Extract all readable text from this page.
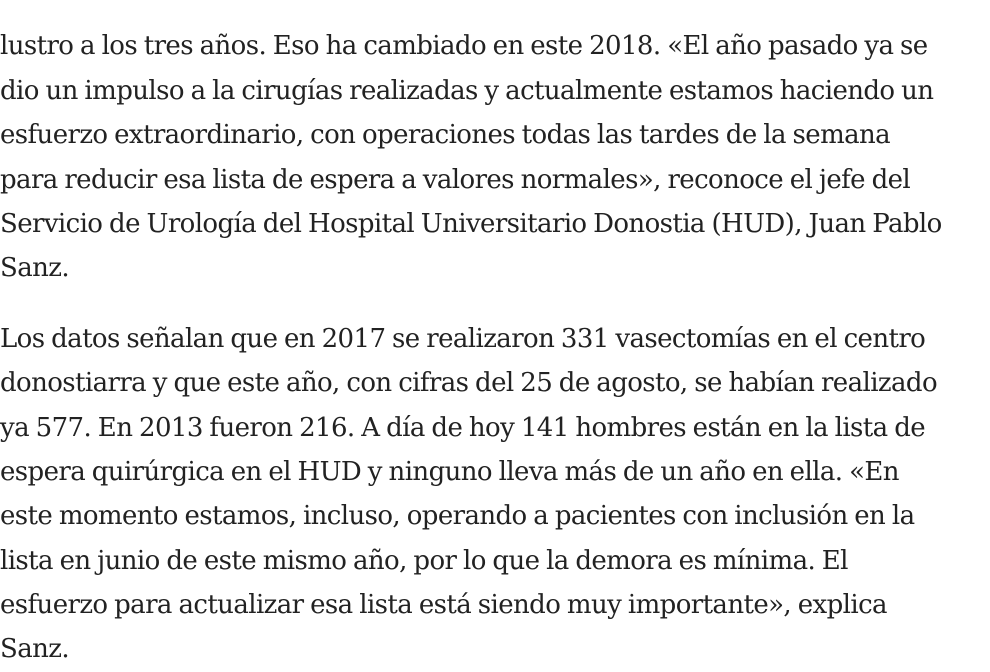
lustro a los tres años. Eso ha cambiado en este 2018. «El año pasado ya se
dio un impulso a la cirugías realizadas y actualmente estamos haciendo un
esfuerzo extraordinario, con operaciones todas las tardes de la semana
para reducir esa lista de espera a valores normales», reconoce el jefe del
Servicio de Urología del Hospital Universitario Donostia (HUD), Juan Pablo
Sanz.

Los datos señalan que en 2017 se realizaron 331 vasectomías en el centro
donostiarra y que este año, con cifras del 25 de agosto, se habían realizado
ya 577. En 2013 fueron 216. A día de hoy 141 hombres están en la lista de
espera quirúrgica en el HUD y ninguno lleva más de un año en ella. «En
este momento estamos, incluso, operando a pacientes con inclusión en la
lista en junio de este mismo año, por lo que la demora es mínima. El
esfuerzo para actualizar esa lista está siendo muy importante», explica
Sanz.
